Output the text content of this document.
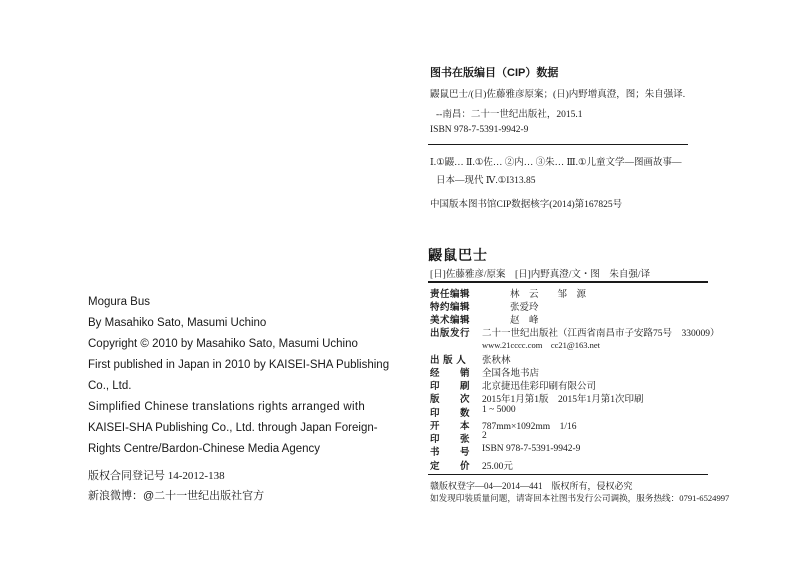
Mogura Bus
By Masahiko Sato, Masumi Uchino
Copyright © 2010 by Masahiko Sato, Masumi Uchino
First published in Japan in 2010 by KAISEI-SHA Publishing
Co., Ltd.
Simplified Chinese translations rights arranged with
KAISEI-SHA Publishing Co., Ltd. through Japan Foreign-
Rights Centre/Bardon-Chinese Media Agency
版权合同登记号 14-2012-138
新浪微博：@二十一世纪出版社官方
图书在版编目（CIP）数据
鼹鼠巴士/(日)佐藤雅彦原案；(日)内野增真澄，图；朱自强译.
--南昌：二十一世纪出版社，2015.1
ISBN 978-7-5391-9942-9
Ⅰ.①鼹… Ⅱ.①佐… ②内… ③朱… Ⅲ.①儿童文学—图画故事—
日本—现代 Ⅳ.①I313.85
中国版本图书馆CIP数据核字(2014)第167825号
鼹鼠巴士
[日]佐藤雅彦/原案　[日]内野真澄/文・图　朱自强/译
责任编辑	林　云　　邹　源
特约编辑	张爱玲
美术编辑	赵　峰
出版发行	二十一世纪出版社（江西省南昌市子安路75号　330009）
www.21cccc.com　cc21@163.net
出 版 人	张秋林
经　　销	全国各地书店
印　　刷	北京捷迅佳彩印刷有限公司
版　　次	2015年1月第1版　2015年1月第1次印刷
印　　数	1 ~ 5000
开　　本	787mm×1092mm　1/16
印　　张	2
书　　号	ISBN 978-7-5391-9942-9
定　　价	25.00元
赣版权登字—04—2014—441　版权所有，侵权必究
如发现印装质量问题，请寄回本社图书发行公司调换，服务热线：0791-6524997
